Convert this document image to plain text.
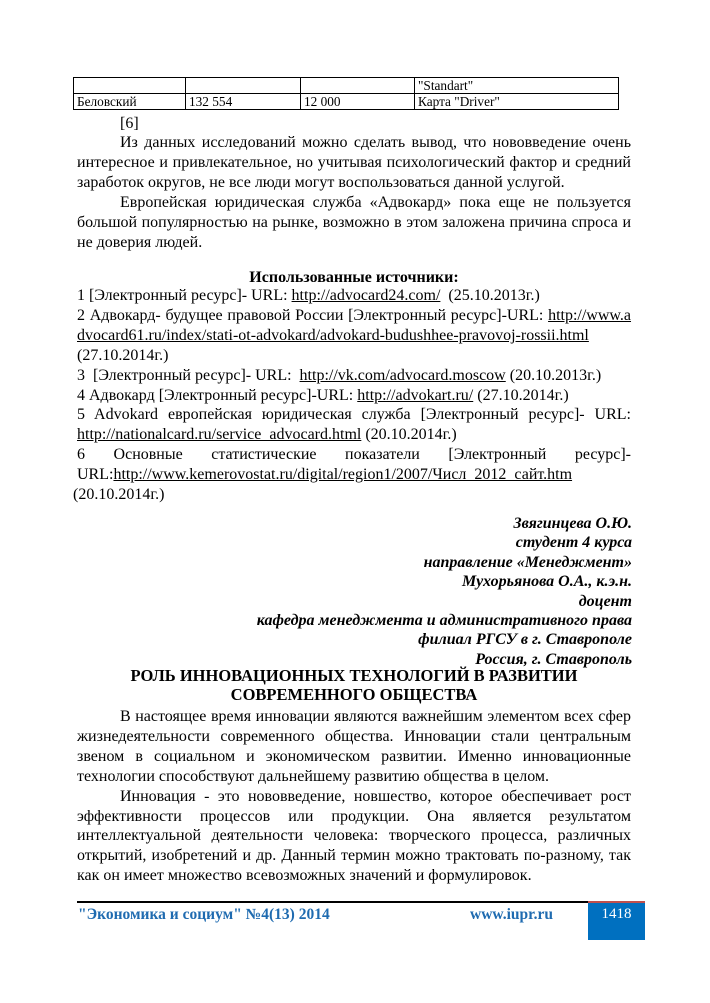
			"Standart"
Беловский	132 554	12 000	Карта "Driver"
[6]

Из данных исследований можно сделать вывод, что нововведение очень интересное и привлекательное, но учитывая психологический фактор и средний заработок округов, не все люди могут воспользоваться данной услугой.

Европейская юридическая служба «Адвокард» пока еще не пользуется большой популярностью на рынке, возможно в этом заложена причина спроса и не доверия людей.

Использованные источники:

1 [Электронный ресурс]- URL: http://advocard24.com/  (25.10.2013г.)

2 Адвокард- будущее правовой России [Электронный ресурс]-URL: http://www.advocard61.ru/index/stati-ot-advokard/advokard-budushhee-pravovoj-rossii.html (27.10.2014г.)

3  [Электронный ресурс]- URL:  http://vk.com/advocard.moscow (20.10.2013г.)

4 Адвокард [Электронный ресурс]-URL: http://advokart.ru/ (27.10.2014г.)

5 Advokard европейская юридическая служба [Электронный ресурс]- URL: http://nationalcard.ru/service_advocard.html (20.10.2014г.)

6 Основные статистические показатели [Электронный ресурс]-URL:http://www.kemerovostat.ru/digital/region1/2007/Числ_2012_сайт.htm
(20.10.2014г.)

Звягинцева О.Ю.
студент 4 курса
направление «Менеджмент»
Мухорьянова О.А., к.э.н.
доцент
кафедра менеджмента и административного права
филиал РГСУ в г. Ставрополе
Россия, г. Ставрополь
РОЛЬ ИННОВАЦИОННЫХ ТЕХНОЛОГИЙ В РАЗВИТИИ
СОВРЕМЕННОГО ОБЩЕСТВА

В настоящее время инновации являются важнейшим элементом всех сфер жизнедеятельности современного общества. Инновации стали центральным звеном в социальном и экономическом развитии. Именно инновационные технологии способствуют дальнейшему развитию общества в целом.

Инновация - это нововведение, новшество, которое обеспечивает рост эффективности процессов или продукции. Она является результатом интеллектуальной деятельности человека: творческого процесса, различных открытий, изобретений и др. Данный термин можно трактовать по-разному, так как он имеет множество всевозможных значений и формулировок.

"Экономика и социум" №4(13) 2014	www.iupr.ru	1418
